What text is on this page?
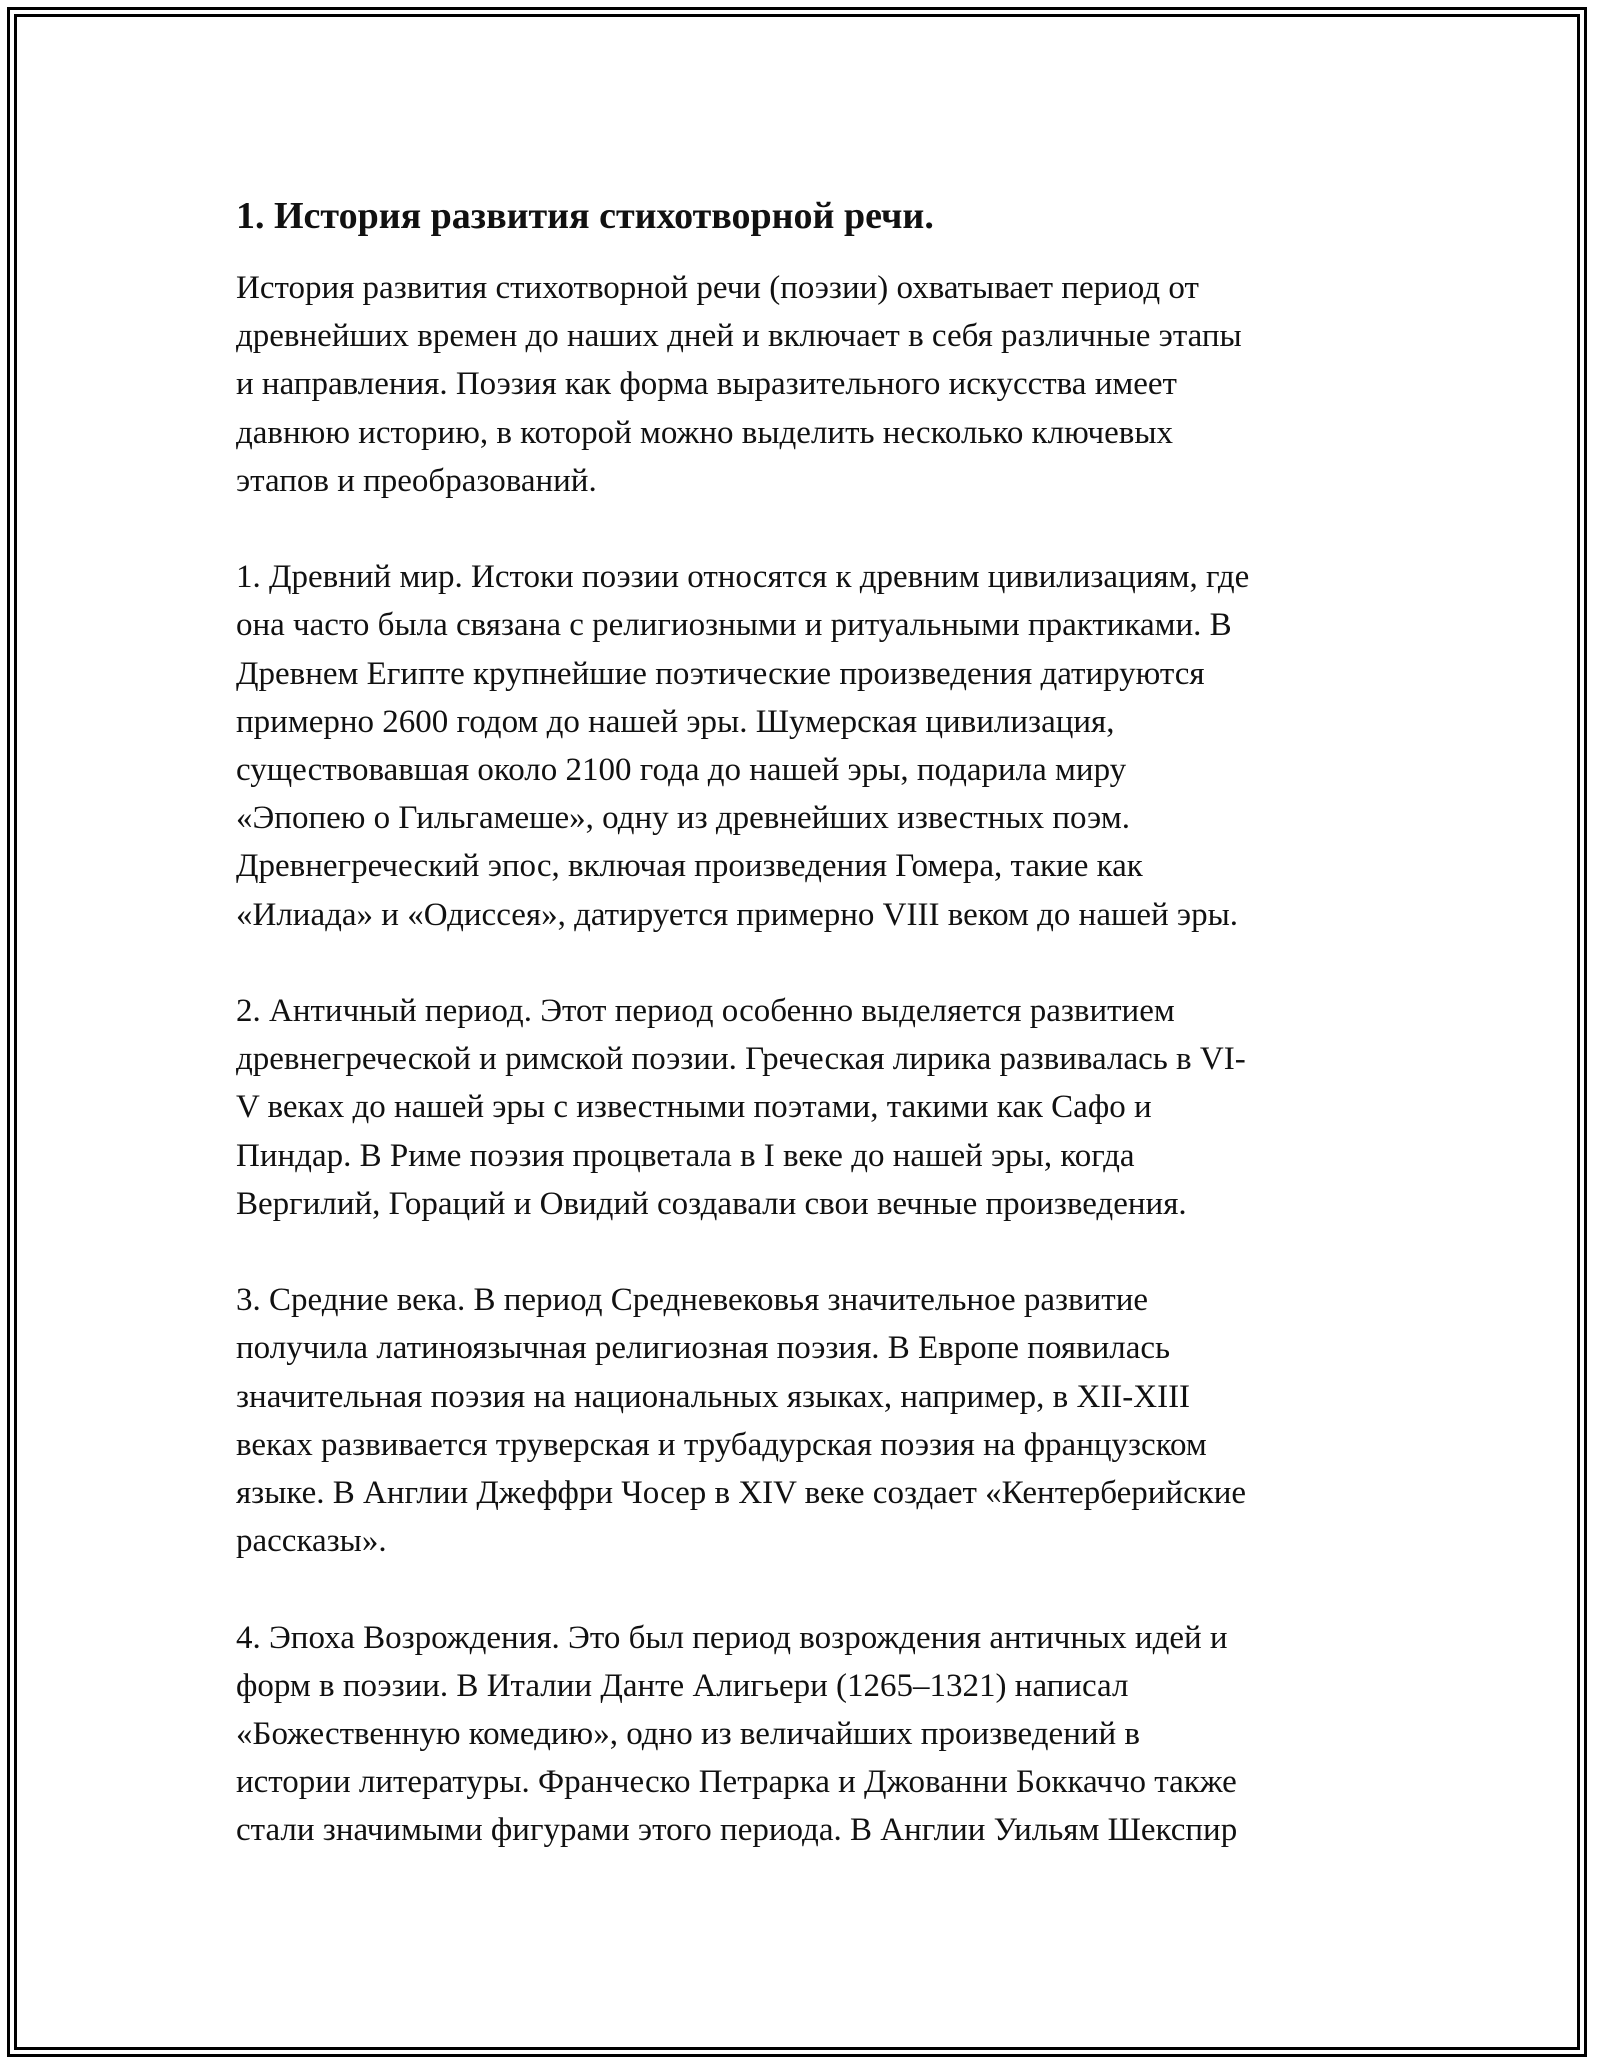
1. История развития стихотворной речи.

История развития стихотворной речи (поэзии) охватывает период от
древнейших времен до наших дней и включает в себя различные этапы
и направления. Поэзия как форма выразительного искусства имеет
давнюю историю, в которой можно выделить несколько ключевых
этапов и преобразований.

1. Древний мир. Истоки поэзии относятся к древним цивилизациям, где
она часто была связана с религиозными и ритуальными практиками. В
Древнем Египте крупнейшие поэтические произведения датируются
примерно 2600 годом до нашей эры. Шумерская цивилизация,
существовавшая около 2100 года до нашей эры, подарила миру
«Эпопею о Гильгамеше», одну из древнейших известных поэм.
Древнегреческий эпос, включая произведения Гомера, такие как
«Илиада» и «Одиссея», датируется примерно VIII веком до нашей эры.

2. Античный период. Этот период особенно выделяется развитием
древнегреческой и римской поэзии. Греческая лирика развивалась в VI-
V веках до нашей эры с известными поэтами, такими как Сафо и
Пиндар. В Риме поэзия процветала в I веке до нашей эры, когда
Вергилий, Гораций и Овидий создавали свои вечные произведения.

3. Средние века. В период Средневековья значительное развитие
получила латиноязычная религиозная поэзия. В Европе появилась
значительная поэзия на национальных языках, например, в XII-XIII
веках развивается труверская и трубадурская поэзия на французском
языке. В Англии Джеффри Чосер в XIV веке создает «Кентерберийские
рассказы».

4. Эпоха Возрождения. Это был период возрождения античных идей и
форм в поэзии. В Италии Данте Алигьери (1265–1321) написал
«Божественную комедию», одно из величайших произведений в
истории литературы. Франческо Петрарка и Джованни Боккаччо также
стали значимыми фигурами этого периода. В Англии Уильям Шекспир
